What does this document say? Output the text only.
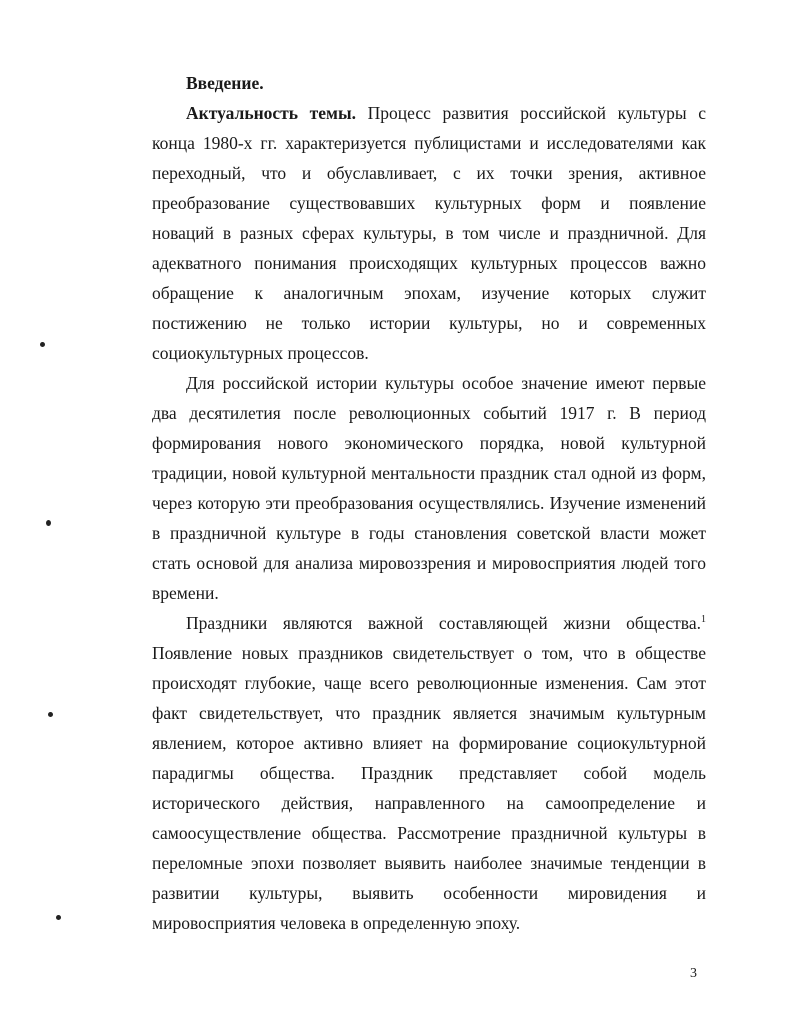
Введение.
Актуальность темы. Процесс развития российской культуры с
конца 1980-х гг. характеризуется публицистами и исследователями как
переходный, что и обуславливает, с их точки зрения, активное
преобразование существовавших культурных форм и появление
новаций в разных сферах культуры, в том числе и праздничной. Для
адекватного понимания происходящих культурных процессов важно
обращение к аналогичным эпохам, изучение которых служит
постижению не только истории культуры, но и современных
социокультурных процессов.
Для российской истории культуры особое значение имеют первые
два десятилетия после революционных событий 1917 г. В период
формирования нового экономического порядка, новой культурной
традиции, новой культурной ментальности праздник стал одной из форм,
через которую эти преобразования осуществлялись. Изучение изменений
в праздничной культуре в годы становления советской власти может
стать основой для анализа мировоззрения и мировосприятия людей того
времени.
Праздники являются важной составляющей жизни общества.$^1$
Появление новых праздников свидетельствует о том, что в обществе
происходят глубокие, чаще всего революционные изменения. Сам этот
факт свидетельствует, что праздник является значимым культурным
явлением, которое активно влияет на формирование социокультурной
парадигмы общества. Праздник представляет собой модель
исторического действия, направленного на самоопределение и
самоосуществление общества. Рассмотрение праздничной культуры в
переломные эпохи позволяет выявить наиболее значимые тенденции в
развитии культуры, выявить особенности мировидения и
мировосприятия человека в определенную эпоху.
3
